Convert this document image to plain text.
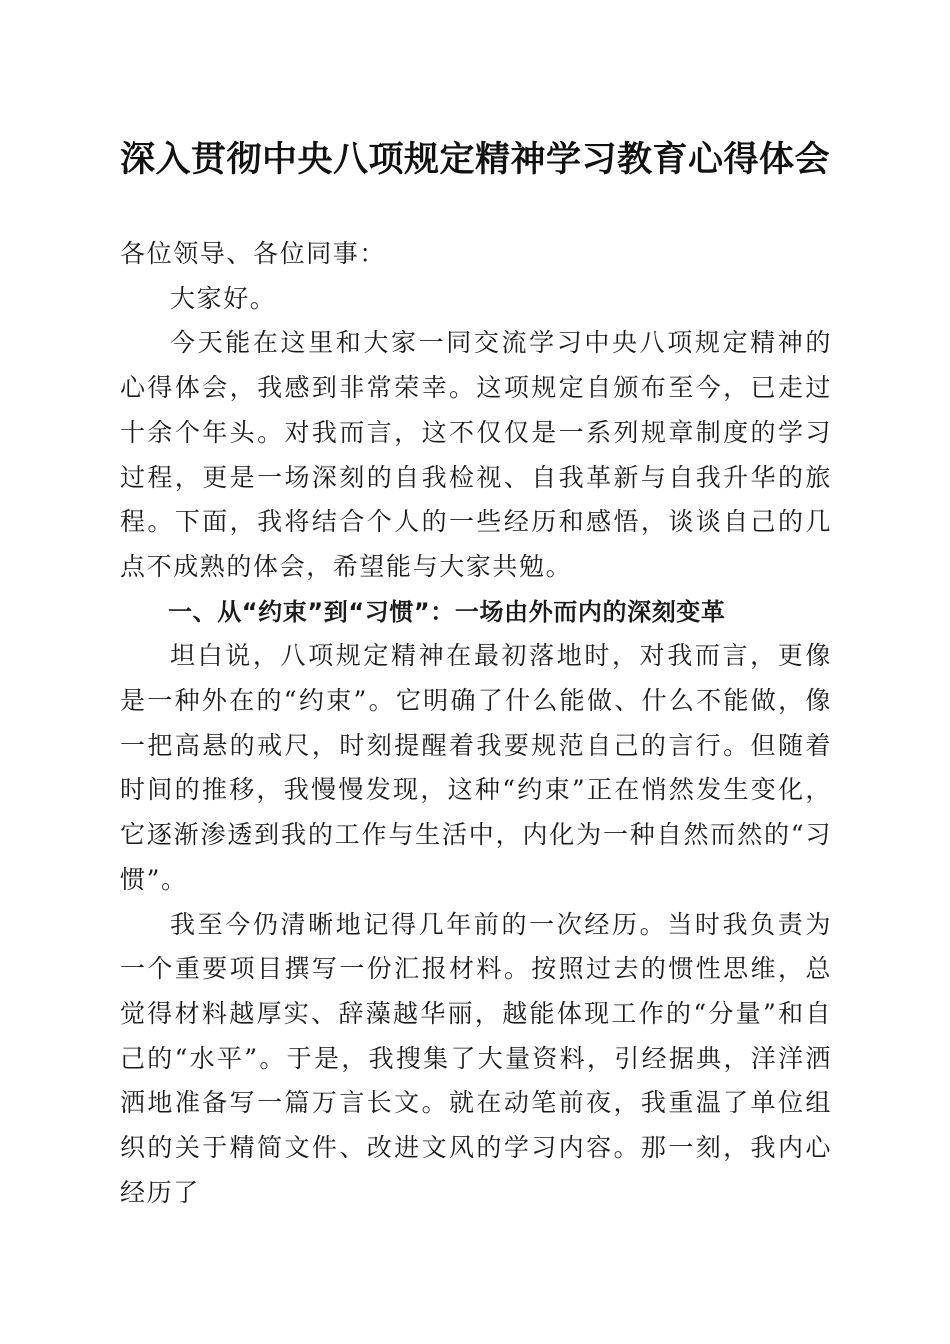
深入贯彻中央八项规定精神学习教育心得体会

各位领导、各位同事：

大家好。

今天能在这里和大家一同交流学习中央八项规定精神的心得体会，我感到非常荣幸。这项规定自颁布至今，已走过十余个年头。对我而言，这不仅仅是一系列规章制度的学习过程，更是一场深刻的自我检视、自我革新与自我升华的旅程。下面，我将结合个人的一些经历和感悟，谈谈自己的几点不成熟的体会，希望能与大家共勉。

一、从“约束”到“习惯”：一场由外而内的深刻变革

坦白说，八项规定精神在最初落地时，对我而言，更像是一种外在的“约束”。它明确了什么能做、什么不能做，像一把高悬的戒尺，时刻提醒着我要规范自己的言行。但随着时间的推移，我慢慢发现，这种“约束”正在悄然发生变化，它逐渐渗透到我的工作与生活中，内化为一种自然而然的“习惯”。

我至今仍清晰地记得几年前的一次经历。当时我负责为一个重要项目撰写一份汇报材料。按照过去的惯性思维，总觉得材料越厚实、辞藻越华丽，越能体现工作的“分量”和自己的“水平”。于是，我搜集了大量资料，引经据典，洋洋洒洒地准备写一篇万言长文。就在动笔前夜，我重温了单位组织的关于精简文件、改进文风的学习内容。那一刻，我内心经历了
